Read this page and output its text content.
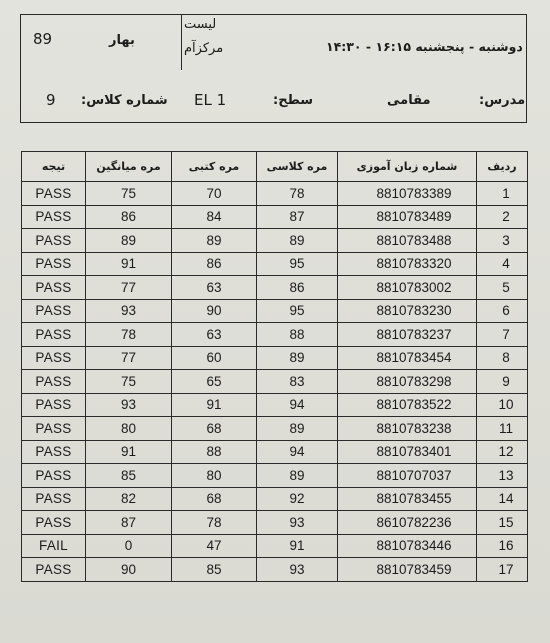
89	بهار
لیست
مرکزآم	دوشنبه - پنجشنبه ۱۶:۱۵ - ۱۴:۳۰
9 شماره کلاس: EL 1	سطح:	مقامی	مدرس:
ردیف	شماره زبان آموزی	مره کلاسی	مره کتبی	مره میانگین	تیجه
1	8810783389	78	70	75	PASS
2	8810783489	87	84	86	PASS
3	8810783488	89	89	89	PASS
4	8810783320	95	86	91	PASS
5	8810783002	86	63	77	PASS
6	8810783230	95	90	93	PASS
7	8810783237	88	63	78	PASS
8	8810783454	89	60	77	PASS
9	8810783298	83	65	75	PASS
10	8810783522	94	91	93	PASS
11	8810783238	89	68	80	PASS
12	8810783401	94	88	91	PASS
13	8810707037	89	80	85	PASS
14	8810783455	92	68	82	PASS
15	8610782236	93	78	87	PASS
16	8810783446	91	47	0	FAIL
17	8810783459	93	85	90	PASS
